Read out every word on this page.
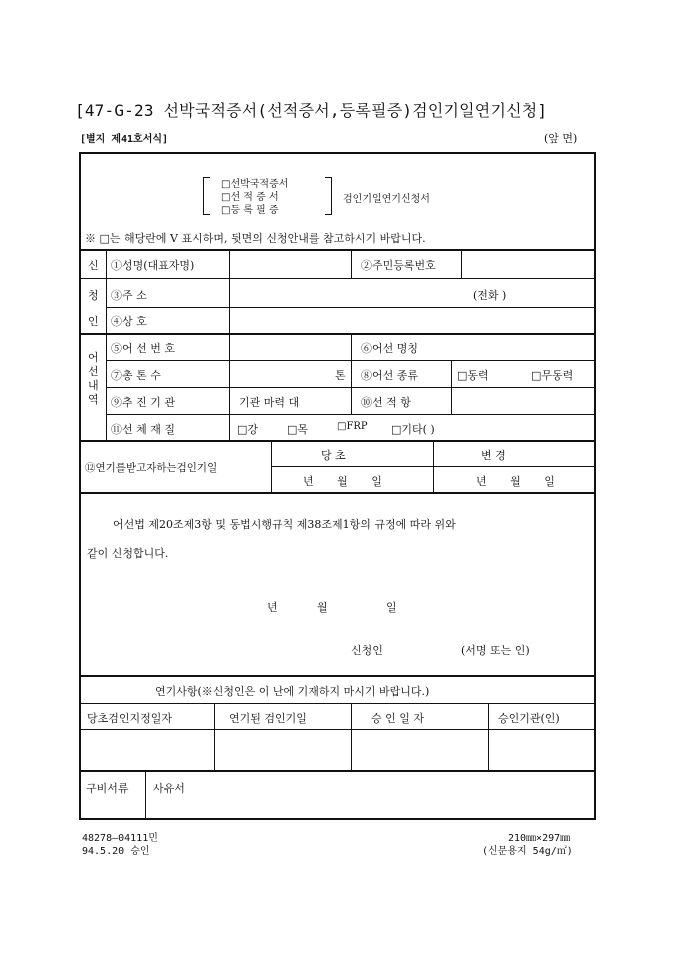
[47-G-23 선박국적증서(선적증서,등록필증)검인기일연기신청]
[별지 제41호서식]	(앞 면)
□선박국적증서
□선 적 증 서
□등 록 필 증
검인기일연기신청서
※ □는 해당란에 V 표시하며, 뒷면의 신청안내를 참고하시기 바랍니다.
신
청
인
①성명(대표자명)	②주민등록번호
③주 소	(전화 )
④상 호
어
선
내
역
⑤어 선 번 호	⑥어선 명칭
⑦총 톤 수	톤 ⑧어선 종류	□동력	□무동력
⑨추 진 기 관	기관 마력 대	⑩선 적 항
⑪선 체 재 질	□강	□목	□FRP □기타( )
⑫연기를받고자하는검인기일
당 초	변 경
년 월 일	년 월 일
어선법 제20조제3항 및 동법시행규칙 제38조제1항의 규정에 따라 위와
같이 신청합니다.
년	월	일
신청인	(서명 또는 인)
연기사항(※신청인은 이 난에 기재하지 마시기 바랍니다.)
당초검인지정일자	연기된 검인기일	승 인 일 자	승인기관(인)
구비서류 사유서
48278—04111민
94.5.20 승인
210㎜×297㎜
(신문용지 54g/㎡)
